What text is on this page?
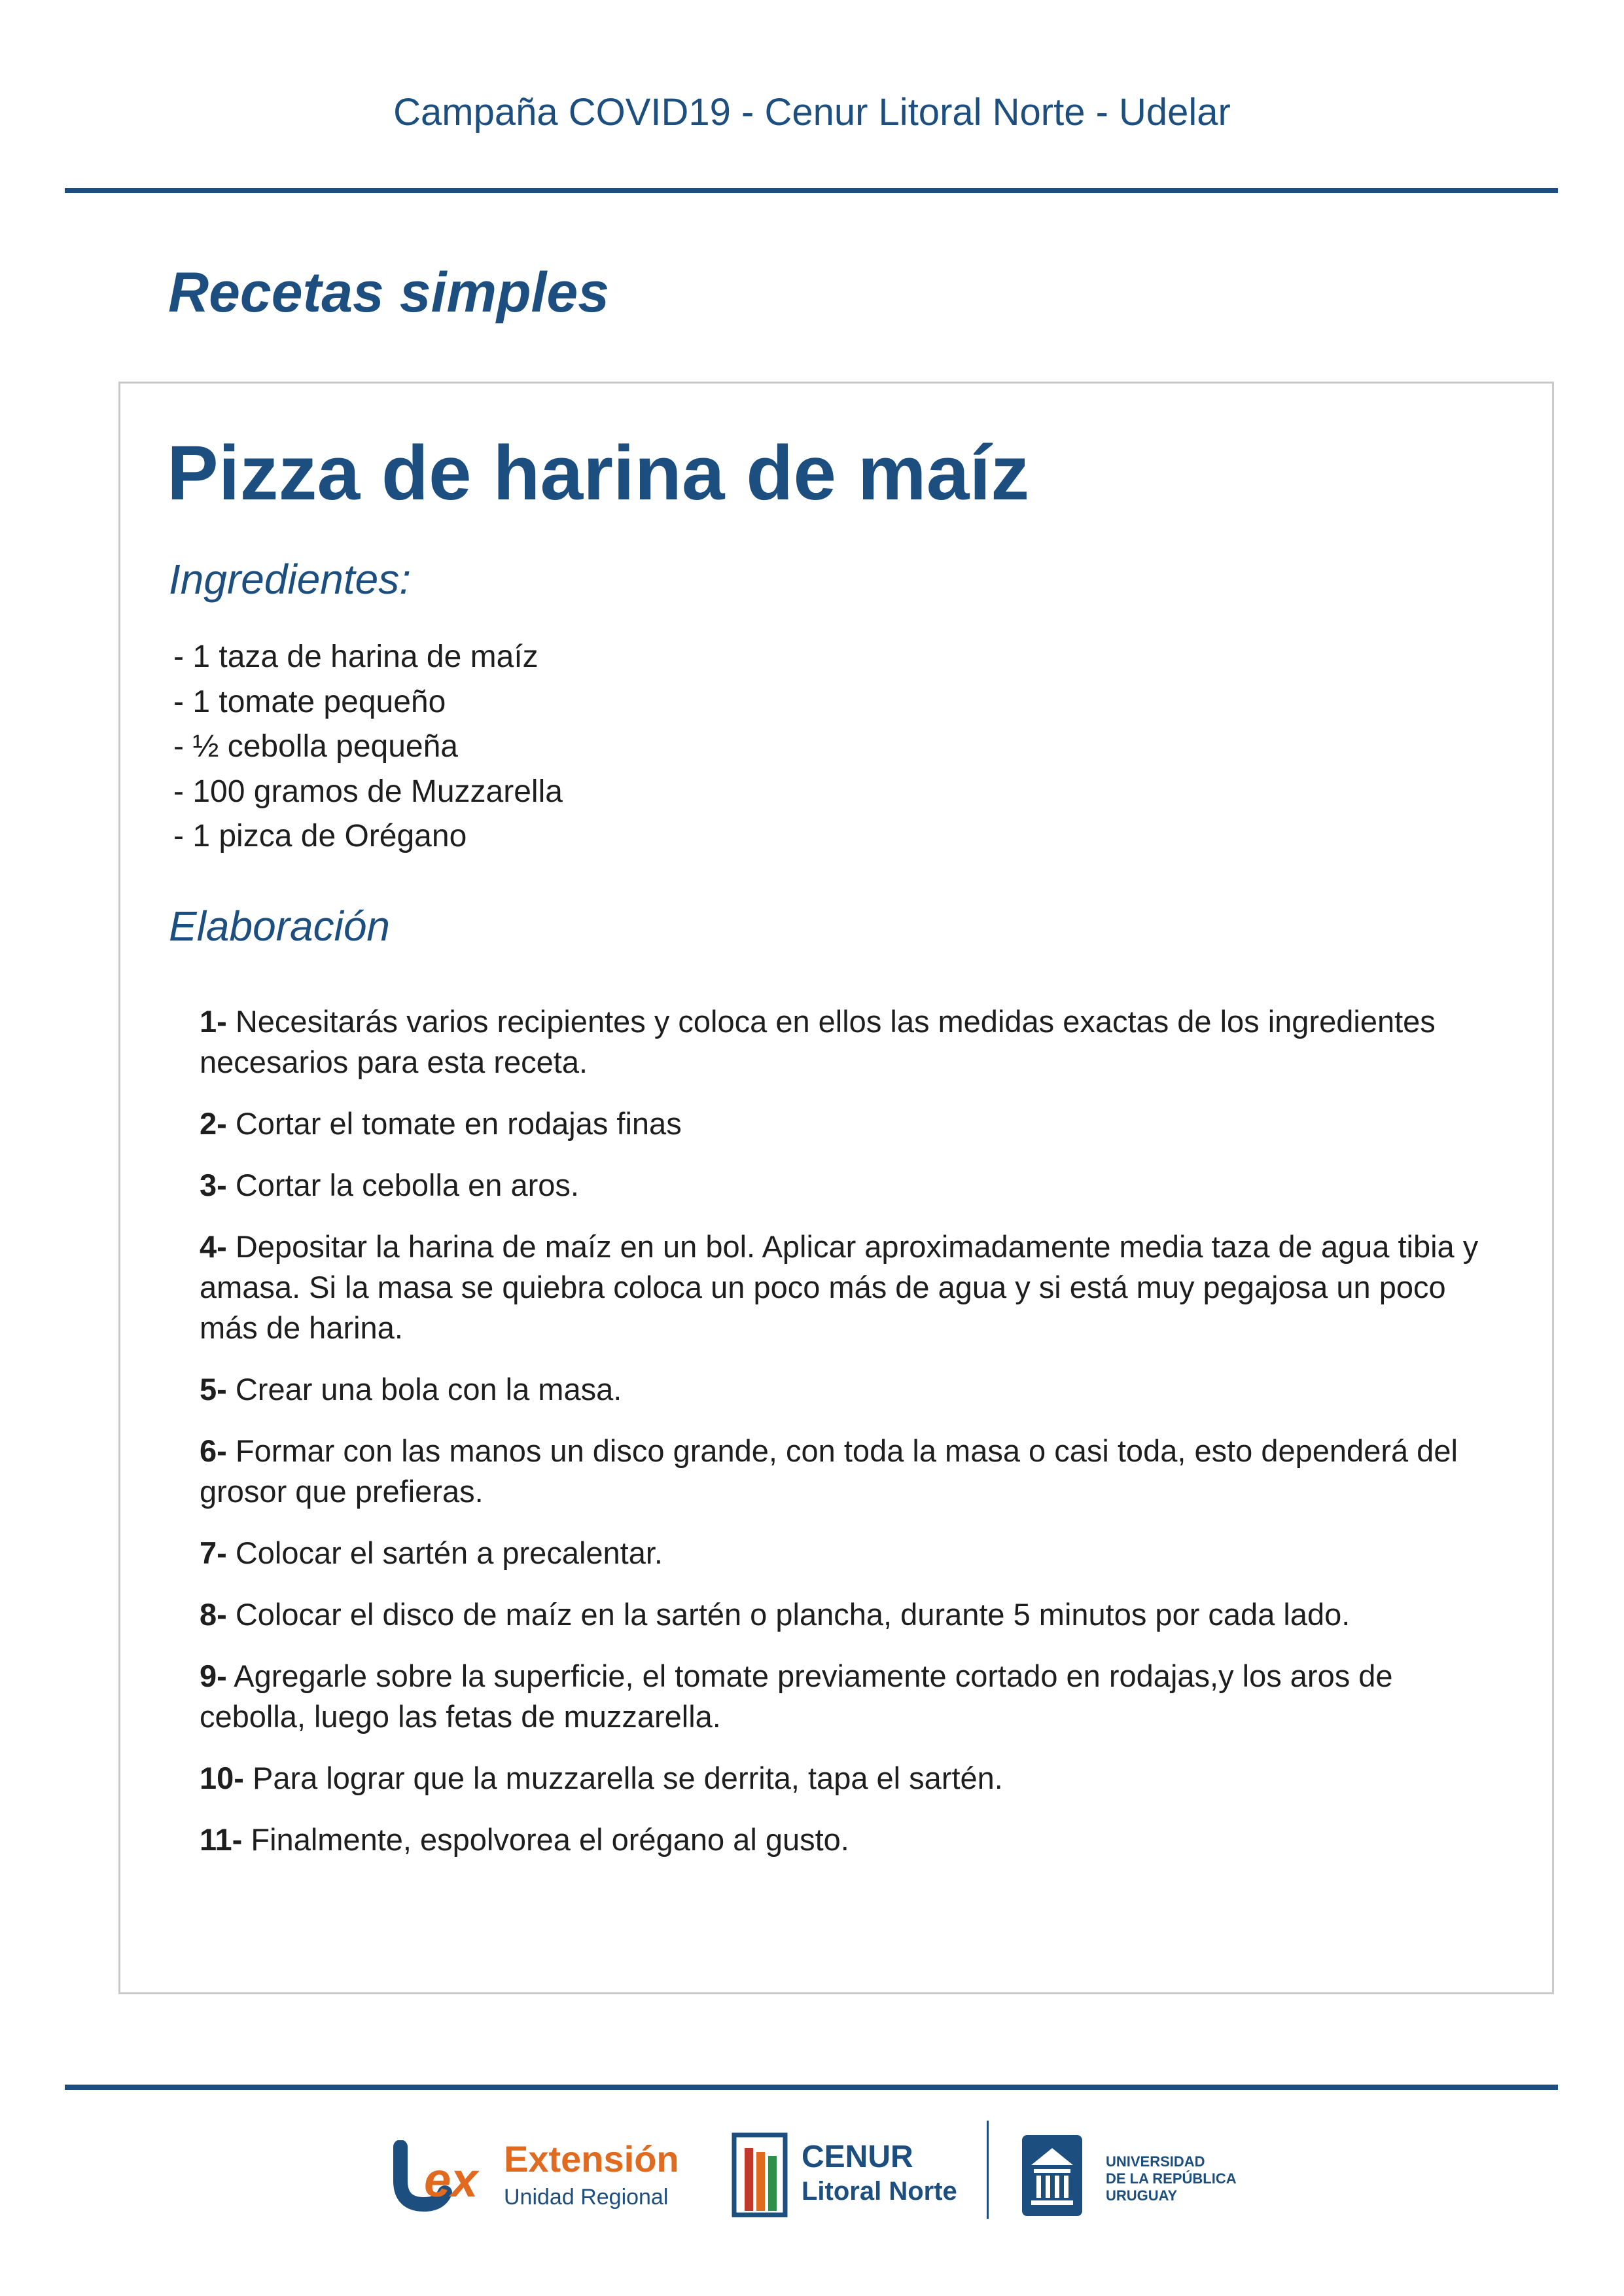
Campaña COVID19 - Cenur Litoral Norte - Udelar
Recetas simples
Pizza de harina de maíz
Ingredientes:
- 1 taza de harina de maíz
- 1 tomate pequeño
- ½ cebolla pequeña
- 100 gramos de Muzzarella
- 1 pizca de Orégano
Elaboración

1- Necesitarás varios recipientes y coloca en ellos las medidas exactas de los ingredientes necesarios para esta receta.

2- Cortar el tomate en rodajas finas

3- Cortar la cebolla en aros.

4- Depositar la harina de maíz en un bol. Aplicar aproximadamente media taza de agua tibia y amasa. Si la masa se quiebra coloca un poco más de agua y si está muy pegajosa un poco más de harina.

5- Crear una bola con la masa.

6- Formar con las manos un disco grande, con toda la masa o casi toda, esto dependerá del grosor que prefieras.

7- Colocar el sartén a precalentar.

8- Colocar el disco de maíz en la sartén o plancha, durante 5 minutos por cada lado.

9- Agregarle sobre la superficie, el tomate previamente cortado en rodajas,y los aros de cebolla, luego las fetas de muzzarella.

10- Para lograr que la muzzarella se derrita, tapa el sartén.

11- Finalmente, espolvorea el orégano al gusto.

ex Extensión
Unidad Regional
CENUR
Litoral Norte
UNIVERSIDAD
DE LA REPÚBLICA
URUGUAY
